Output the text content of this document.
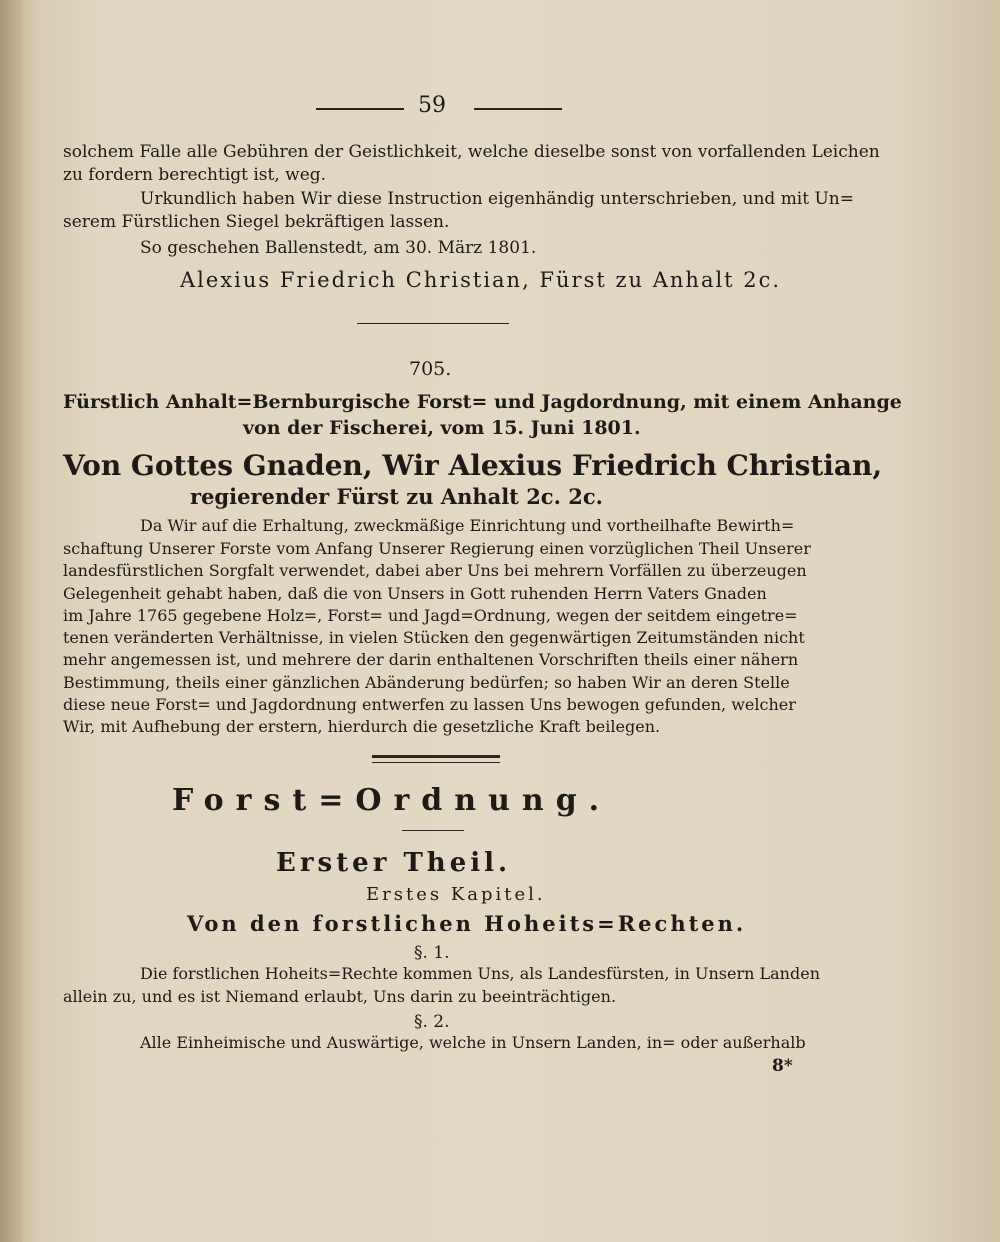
59
solchem Falle alle Gebühren der Geistlichkeit, welche dieselbe sonst von vorfallenden Leichen
zu fordern berechtigt ist, weg.
Urkundlich haben Wir diese Instruction eigenhändig unterschrieben, und mit Un=
serem Fürstlichen Siegel bekräftigen lassen.
So geschehen Ballenstedt, am 30. März 1801.
Alexius Friedrich Christian, Fürst zu Anhalt 2c.
705.
Fürstlich Anhalt=Bernburgische Forst= und Jagdordnung, mit einem Anhange
von der Fischerei, vom 15. Juni 1801.
Von Gottes Gnaden, Wir Alexius Friedrich Christian,
regierender Fürst zu Anhalt 2c. 2c.
Da Wir auf die Erhaltung, zweckmäßige Einrichtung und vortheilhafte Bewirth=
schaftung Unserer Forste vom Anfang Unserer Regierung einen vorzüglichen Theil Unserer
landesfürstlichen Sorgfalt verwendet, dabei aber Uns bei mehrern Vorfällen zu überzeugen
Gelegenheit gehabt haben, daß die von Unsers in Gott ruhenden Herrn Vaters Gnaden
im Jahre 1765 gegebene Holz=, Forst= und Jagd=Ordnung, wegen der seitdem eingetre=
tenen veränderten Verhältnisse, in vielen Stücken den gegenwärtigen Zeitumständen nicht
mehr angemessen ist, und mehrere der darin enthaltenen Vorschriften theils einer nähern
Bestimmung, theils einer gänzlichen Abänderung bedürfen; so haben Wir an deren Stelle
diese neue Forst= und Jagdordnung entwerfen zu lassen Uns bewogen gefunden, welcher
Wir, mit Aufhebung der erstern, hierdurch die gesetzliche Kraft beilegen.
Forst=Ordnung.
Erster Theil.
Erstes Kapitel.
Von den forstlichen Hoheits=Rechten.
§. 1.
Die forstlichen Hoheits=Rechte kommen Uns, als Landesfürsten, in Unsern Landen
allein zu, und es ist Niemand erlaubt, Uns darin zu beeinträchtigen.
§. 2.
Alle Einheimische und Auswärtige, welche in Unsern Landen, in= oder außerhalb
8*
